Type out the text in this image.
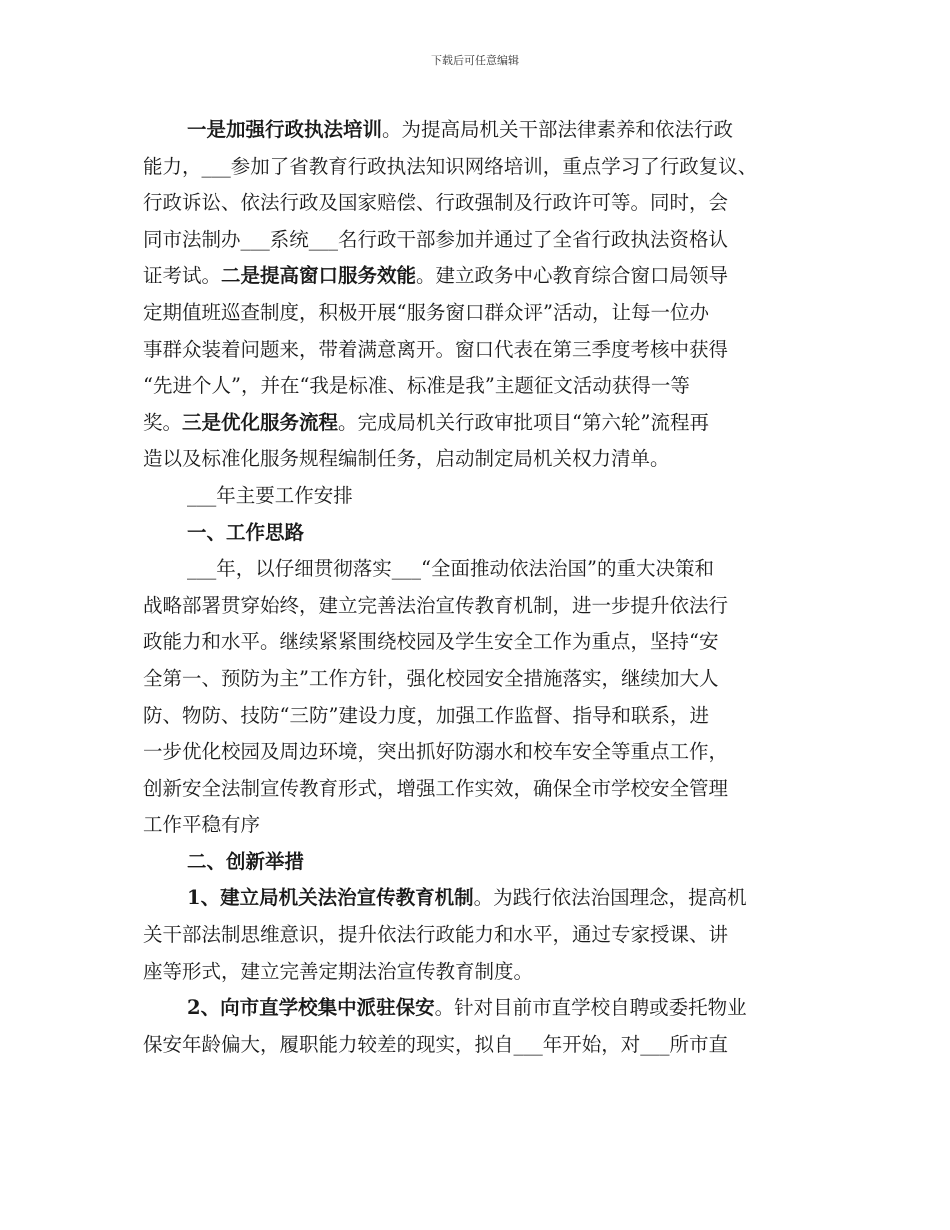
下载后可任意编辑
一是加强行政执法培训。为提高局机关干部法律素养和依法行政
能力，___参加了省教育行政执法知识网络培训，重点学习了行政复议、
行政诉讼、依法行政及国家赔偿、行政强制及行政许可等。同时，会
同市法制办___系统___名行政干部参加并通过了全省行政执法资格认
证考试。二是提高窗口服务效能。建立政务中心教育综合窗口局领导
定期值班巡查制度，积极开展“服务窗口群众评”活动，让每一位办
事群众装着问题来，带着满意离开。窗口代表在第三季度考核中获得
“先进个人”，并在“我是标准、标准是我”主题征文活动获得一等
奖。三是优化服务流程。完成局机关行政审批项目“第六轮”流程再
造以及标准化服务规程编制任务，启动制定局机关权力清单。
___年主要工作安排
一、工作思路
___年，以仔细贯彻落实___“全面推动依法治国”的重大决策和
战略部署贯穿始终，建立完善法治宣传教育机制，进一步提升依法行
政能力和水平。继续紧紧围绕校园及学生安全工作为重点，坚持“安
全第一、预防为主”工作方针，强化校园安全措施落实，继续加大人
防、物防、技防“三防”建设力度，加强工作监督、指导和联系，进
一步优化校园及周边环境，突出抓好防溺水和校车安全等重点工作，
创新安全法制宣传教育形式，增强工作实效，确保全市学校安全管理
工作平稳有序
二、创新举措
1、建立局机关法治宣传教育机制。为践行依法治国理念，提高机
关干部法制思维意识，提升依法行政能力和水平，通过专家授课、讲
座等形式，建立完善定期法治宣传教育制度。
2、向市直学校集中派驻保安。针对目前市直学校自聘或委托物业
保安年龄偏大，履职能力较差的现实，拟自___年开始，对___所市直
